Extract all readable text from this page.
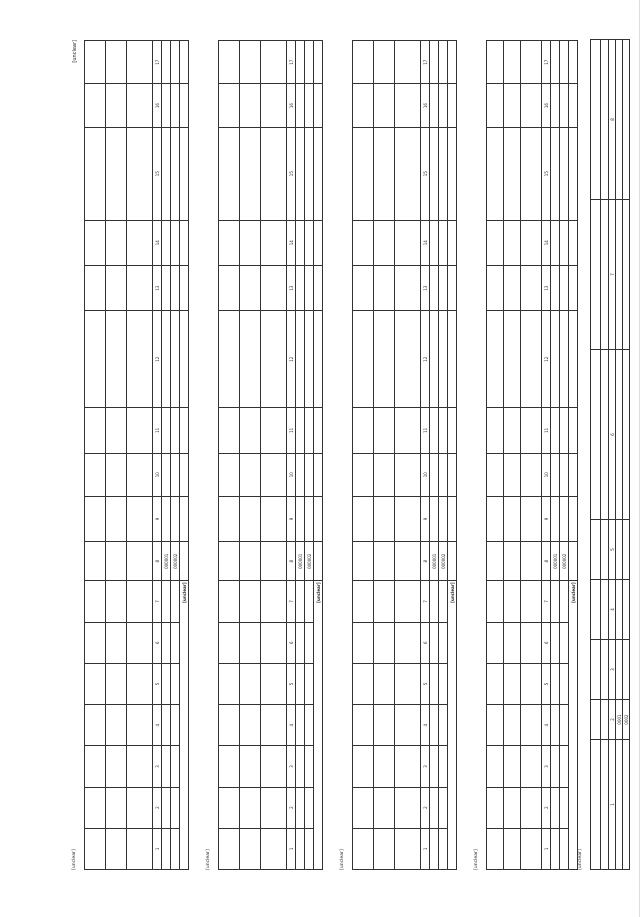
[unclear]
[unclear]

1	2	3	4	5	6	7	8	9	10	11	12	13	14	15	16	17
							000001									
							000002									
[unclear]																
[unclear]

1	2	3	4	5	6	7	8	9	10	11	12	13	14	15	16	17
							000001									
							000002									
[unclear]																
[unclear]

1	2	3	4	5	6	7	8	9	10	11	12	13	14	15	16	17
							000001									
							000002									
[unclear]																
[unclear]

1	2	3	4	5	6	7	8	9	10	11	12	13	14	15	16	17
							000001									
							000002									
[unclear]																
[unclear]

1	2	3	4	5	6	7	8
	0001						
	0002						
